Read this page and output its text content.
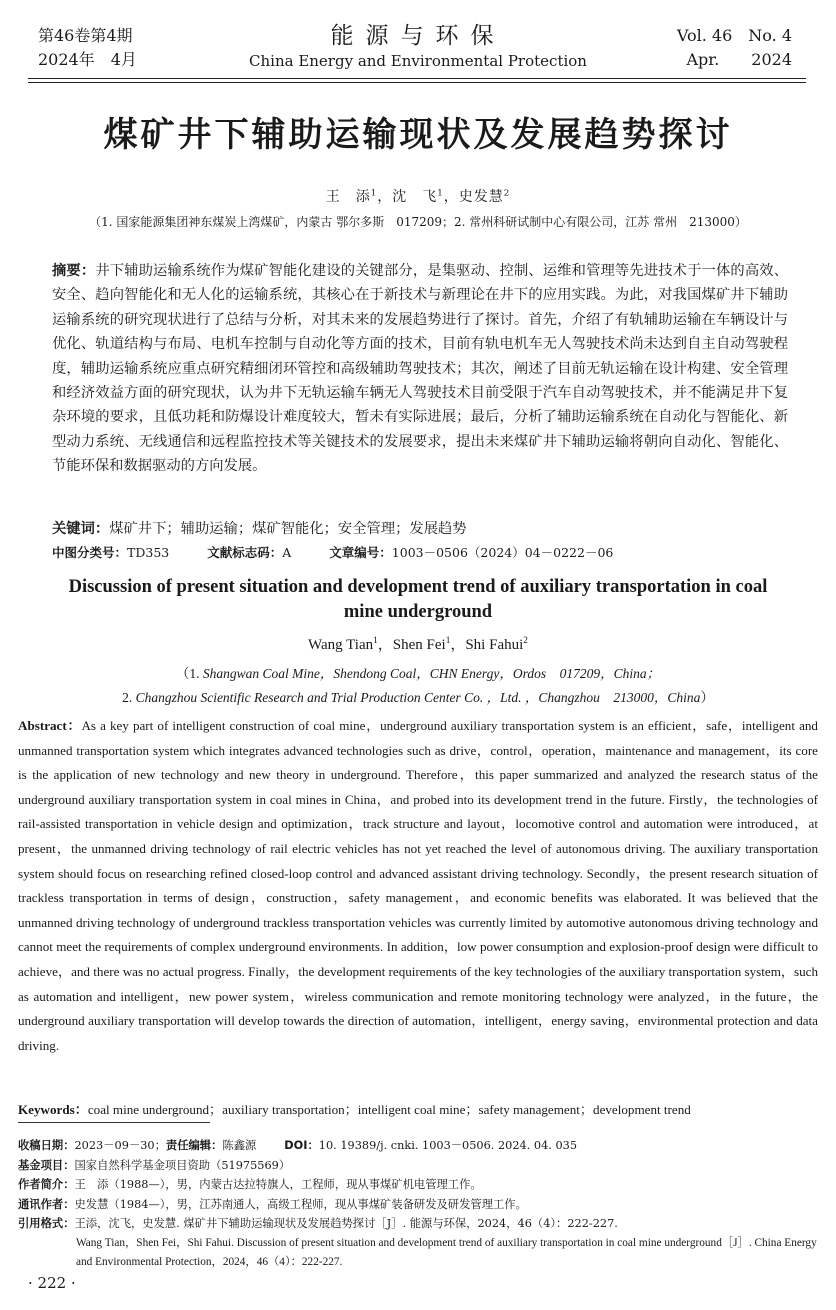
第46卷第4期
2024年　4月
能源与环保
China Energy and Environmental Protection
Vol. 46　No. 4
Apr.　　2024
煤矿井下辅助运输现状及发展趋势探讨
王　添$^1$，沈　飞$^1$，史发慧$^2$
（1. 国家能源集团神东煤炭上湾煤矿，内蒙古 鄂尔多斯　017209；2. 常州科研试制中心有限公司，江苏 常州　213000）
摘要：井下辅助运输系统作为煤矿智能化建设的关键部分，是集驱动、控制、运维和管理等先进技术于一体的高效、安全、趋向智能化和无人化的运输系统，其核心在于新技术与新理论在井下的应用实践。为此，对我国煤矿井下辅助运输系统的研究现状进行了总结与分析，对其未来的发展趋势进行了探讨。首先，介绍了有轨辅助运输在车辆设计与优化、轨道结构与布局、电机车控制与自动化等方面的技术，目前有轨电机车无人驾驶技术尚未达到自主自动驾驶程度，辅助运输系统应重点研究精细闭环管控和高级辅助驾驶技术；其次，阐述了目前无轨运输在设计构建、安全管理和经济效益方面的研究现状，认为井下无轨运输车辆无人驾驶技术目前受限于汽车自动驾驶技术，并不能满足井下复杂环境的要求，且低功耗和防爆设计难度较大，暂未有实际进展；最后，分析了辅助运输系统在自动化与智能化、新型动力系统、无线通信和远程监控技术等关键技术的发展要求，提出未来煤矿井下辅助运输将朝向自动化、智能化、节能环保和数据驱动的方向发展。
关键词：煤矿井下；辅助运输；煤矿智能化；安全管理；发展趋势
中图分类号：TD353	文献标志码：A	文章编号：1003－0506（2024）04－0222－06
Discussion of present situation and development trend of auxiliary transportation in coal mine underground
Wang Tian$^1$，Shen Fei$^1$，Shi Fahui$^2$
（1. Shangwan Coal Mine，Shendong Coal，CHN Energy，Ordos　017209，China；
2. Changzhou Scientific Research and Trial Production Center Co. ，Ltd. ，Changzhou　213000，China）
Abstract：As a key part of intelligent construction of coal mine，underground auxiliary transportation system is an efficient，safe，intelligent and unmanned transportation system which integrates advanced technologies such as drive，control，operation，maintenance and management，its core is the application of new technology and new theory in underground. Therefore，this paper summarized and analyzed the research status of the underground auxiliary transportation system in coal mines in China，and probed into its development trend in the future. Firstly，the technologies of rail-assisted transportation in vehicle design and optimization，track structure and layout，locomotive control and automation were introduced，at present，the unmanned driving technology of rail electric vehicles has not yet reached the level of autonomous driving. The auxiliary transportation system should focus on researching refined closed-loop control and advanced assistant driving technology. Secondly，the present research situation of trackless transportation in terms of design，construction，safety management，and economic benefits was elaborated. It was believed that the unmanned driving technology of underground trackless transportation vehicles was currently limited by automotive autonomous driving technology and cannot meet the requirements of complex underground environments. In addition，low power consumption and explosion-proof design were difficult to achieve，and there was no actual progress. Finally，the development requirements of the key technologies of the auxiliary transportation system，such as automation and intelligent，new power system，wireless communication and remote monitoring technology were analyzed，in the future，the underground auxiliary transportation will develop towards the direction of automation，intelligent，energy saving，environmental protection and data driving.
Keywords：coal mine underground；auxiliary transportation；intelligent coal mine；safety management；development trend
收稿日期：2023－09－30；责任编辑：陈鑫源 DOI：10. 19389/j. cnki. 1003－0506. 2024. 04. 035
基金项目：国家自然科学基金项目资助（51975569）
作者简介：王　添（1988—），男，内蒙古达拉特旗人，工程师，现从事煤矿机电管理工作。
通讯作者：史发慧（1984—），男，江苏南通人，高级工程师，现从事煤矿装备研发及研发管理工作。
引用格式：王添，沈飞，史发慧. 煤矿井下辅助运输现状及发展趋势探讨［J］. 能源与环保，2024，46（4）：222-227.
Wang Tian，Shen Fei，Shi Fahui. Discussion of present situation and development trend of auxiliary transportation in coal mine underground［J］. China Energy and Environmental Protection，2024，46（4）：222-227.
· 222 ·
